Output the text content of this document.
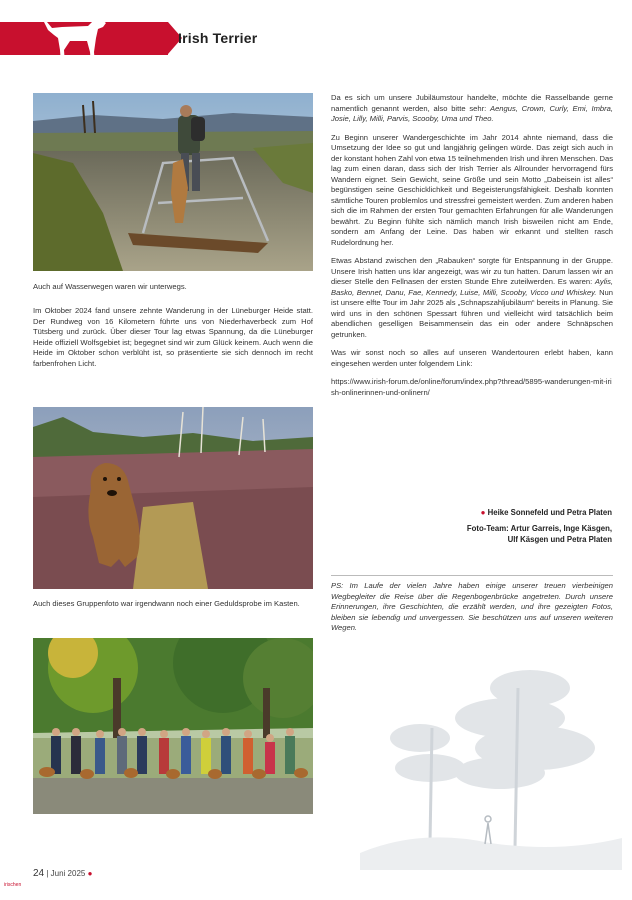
Irish Terrier
Auch auf Wasserwegen waren wir unterwegs.

Im Oktober 2024 fand unsere zehnte Wanderung in der Lüneburger Heide statt. Der Rundweg von 16 Kilometern führte uns von Niederhaverbeck zum Hof Tütsberg und zurück. Über dieser Tour lag etwas Spannung, da die Lüneburger Heide offiziell Wolfsgebiet ist; begegnet sind wir zum Glück keinem. Auch wenn die Heide im Oktober schon verblüht ist, so präsentierte sie sich dennoch im recht farbenfrohen Licht.

Auch dieses Gruppenfoto war irgendwann noch einer Geduldsprobe im Kasten.

Da es sich um unsere Jubiläumstour handelte, möchte die Rasselbande gerne namentlich genannt werden, also bitte sehr: Aengus, Crown, Curly, Emi, Imbra, Josie, Lilly, Milli, Parvis, Scooby, Uma und Theo.

Zu Beginn unserer Wandergeschichte im Jahr 2014 ahnte niemand, dass die Umsetzung der Idee so gut und langjährig gelingen würde. Das zeigt sich auch in der konstant hohen Zahl von etwa 15 teilnehmenden Irish und ihren Menschen. Das lag zum einen daran, dass sich der Irish Terrier als Allrounder hervorragend fürs Wandern eignet. Sein Gewicht, seine Größe und sein Motto „Dabeisein ist alles“ begünstigen seine Geschicklichkeit und Begeisterungsfähigkeit. Deshalb konnten sämtliche Touren problemlos und stressfrei gemeistert werden. Zum anderen haben sich die im Rahmen der ersten Tour gemachten Erfahrungen für alle Wanderungen bewährt. Zu Beginn fühlte sich nämlich manch Irish bisweilen nicht am Ende, sondern am Anfang der Leine. Das haben wir erkannt und stellten rasch Rudelordnung her.

Etwas Abstand zwischen den „Rabauken“ sorgte für Entspannung in der Gruppe. Unsere Irish hatten uns klar angezeigt, was wir zu tun hatten. Darum lassen wir an dieser Stelle den Fellnasen der ersten Stunde Ehre zuteilwerden. Es waren: Aylis, Basko, Bennet, Danu, Fae, Kennedy, Luise, Milli, Scooby, Vicco und Whiskey. Nun ist unsere elfte Tour im Jahr 2025 als „Schnapszahljubiläum“ bereits in Planung. Sie wird uns in den schönen Spessart führen und vielleicht wird tatsächlich beim abendlichen geselligen Beisammensein das ein oder andere Schnäpschen getrunken.

Was wir sonst noch so alles auf unseren Wandertouren erlebt haben, kann eingesehen werden unter folgendem Link:

https://www.irish-forum.de/online/forum/index.php?thread/5895-wanderungen-mit-irish-onlinerinnen-und-onlinern/

● Heike Sonnefeld und Petra Platen
Foto-Team: Artur Garreis, Inge Käsgen,
Ulf Käsgen und Petra Platen
PS: Im Laufe der vielen Jahre haben einige unserer treuen vierbeinigen Wegbegleiter die Reise über die Regenbogenbrücke angetreten. Durch unsere Erinnerungen, ihre Geschichten, die erzählt werden, und ihre gezeigten Fotos, bleiben sie lebendig und unvergessen. Sie beschützen uns auf unseren weiteren Wegen.
24 | Juni 2025 ●
irischen
